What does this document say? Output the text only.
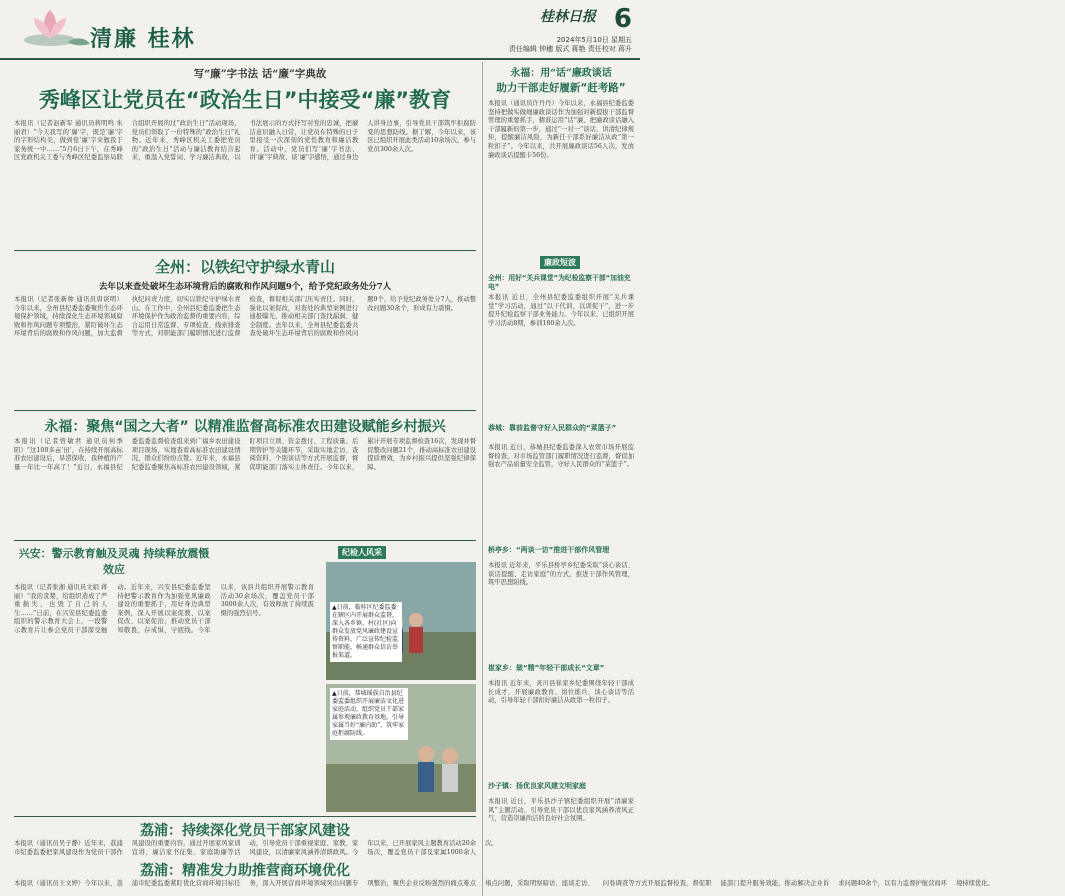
清廉 桂林
桂林日报 6
2024年5月10日 星期五
责任编辑 钟穗 版式 蒋艳 责任校对 蒋升
写“廉”字书法 话“廉”字典故
秀峰区让党员在“政治生日”中接受“廉”教育
本报讯（记者赵新军 通讯员蒋明鸣 朱丽君）“今天我写的‘廉’字，既是‘廉’字的字形结构美，做到党‘廉’字来勉我于家务统一中……”5月6日下午，在秀峰区党政机关工委与秀峰区纪委监察局联合组织开展的过“政治生日”活动现场，党员们领取了一份特殊的“政治生日”礼物。近年来，秀峰区机关工委把党员的“政治生日”活动与廉洁教育结合起来，重温入党誓词、学习廉洁典故，以书法展示的方式抒写对党的忠诚，把廉洁意识融入日常，让党员在特殊的日子里接受一次深刻的党性教育和廉洁教育。活动中，党员们写‘廉’字书法、讲‘廉’字典故、谈‘廉’字感悟，通过身边人讲身边事，引导党员干部筑牢拒腐防变的思想防线。据了解，今年以来，该区已组织开展此类活动10余场次，参与党员300余人次。
全州：以铁纪守护绿水青山
去年以来查处破坏生态环境背后的腐败和作风问题9个，给予党纪政务处分7人
本报讯（记者张新帅 通讯员唐谈明）今年以来，全州县纪委监委聚焦生态环境保护领域，持续深化生态环境领域腐败和作风问题专项整治，紧盯破坏生态环境背后的腐败和作风问题，加大监督执纪问责力度，切实以铁纪守护绿水青山。在工作中，全州县纪委监委把生态环境保护作为政治监督的重要内容，综合运用日常监督、专项检查、线索排查等方式，对职能部门履职情况进行监督检查，督促相关部门压实责任。同时，强化以案促改，对查处的典型案例进行通报曝光，推动相关部门查找漏洞、健全制度。去年以来，全州县纪委监委共查处破坏生态环境背后的腐败和作风问题9个，给予党纪政务处分7人，推动整改问题30余个，形成有力震慑。
永福：聚焦“国之大者” 以精准监督高标准农田建设赋能乡村振兴
本报讯（记者曾敏君 通讯员何季阳）“这100多亩‘田’，在持续开展高标准农田建设后，旱涝保收，我种植的产量一年比一年高了！”近日，永福县纪委监委监督检查组来到广福乡农田建设项目现场，实地查看高标准农田建设情况，群众们纷纷点赞。近年来，永福县纪委监委聚焦高标准农田建设领域，紧盯项目立项、资金拨付、工程质量、后期管护等关键环节，采取实地走访、查阅资料、个别谈话等方式开展监督，督促职能部门落实主体责任。今年以来，累计开展专项监督检查16次，发现并督促整改问题21个，推动高标准农田建设提质增效，为乡村振兴提供坚强纪律保障。
兴安：警示教育触及灵魂 持续释放震慑效应
本报讯（记者张湘 通讯员文娟 蒋丽）“我的贪婪，给组织造成了严重损失，也毁了自己的人生……”日前，在兴安县纪委监委组织的警示教育大会上，一段警示教育片让参会党员干部深受触动。近年来，兴安县纪委监委坚持把警示教育作为加强党风廉政建设的重要抓手，用好身边典型案例，深入开展以案促教、以案促改、以案促治，推动党员干部知敬畏、存戒惧、守底线。今年以来，该县共组织开展警示教育活动30余场次，覆盖党员干部3000余人次，有效释放了持续震慑的强烈信号。
纪检人风采
▲日前，临桂区纪委监委在辖区内开展群众监督，深入各乡镇、村(社区)向群众发放党风廉政建设宣传资料，广泛宣传纪检监察职能，畅通群众信访举报渠道。
▲日前，恭城瑶族自治县纪委监委组织开展廉洁文化进家庭活动，组织党员干部家属参观廉政教育基地，引导家属当好“廉内助”，筑牢家庭拒腐防线。
荔浦：持续深化党员干部家风建设
本报讯（通讯员吴子静）近年来，荔浦市纪委监委把家风建设作为党员干部作风建设的重要内容，通过开展家风家训宣讲、廉洁家书征集、家庭助廉等活动，引导党员干部重视家庭、家教、家风建设，以清廉家风涵养清朗政风。今年以来，已开展家风主题教育活动20余场次，覆盖党员干部及家属1000余人次。
荔浦：精准发力助推营商环境优化
本报讯（通讯员王文婷）今年以来，荔浦市纪委监委紧盯优化营商环境目标任务，深入开展营商环境领域突出问题专项整治，聚焦企业反映强烈的痛点难点堵点问题，采取明察暗访、座谈走访、问卷调查等方式开展监督检查，督促职能部门提升服务效能，推动解决企业诉求问题40余个，以有力监督护航营商环境持续优化。
永福：用“话”廉政谈话
助力干部走好履新“赶考路”
本报讯（通讯员许丹丹）今年以来，永福县纪委监委坚持把做实做细廉政谈话作为加强对新提拔干部监督管理的重要抓手，精准运用“话”廉，把廉政谈话融入干部履新的第一步，通过“一对一”谈话，讲清纪律规矩，提醒廉洁风险，为新任干部系好廉洁从政“第一粒扣子”。今年以来，共开展廉政谈话56人次，发放廉政谈话提醒卡56份。
廉政短波
全州：用好“关兵课堂”为纪检监察干部“加油充电”
本报讯 近日，全州县纪委监委组织开展“关兵课堂”学习活动，通过“以干代训、以训促干”，进一步提升纪检监察干部业务能力。今年以来，已组织开展学习活动8期，参训180余人次。
恭城：靠前监督守好入民群众的“菜篮子”
本报讯 近日，恭城县纪委监委深入农贸市场开展监督检查，对市场监管部门履职情况进行监督，督促加强农产品质量安全监管，守好人民群众的“菜篮子”。
桥亭乡：“两谈一访”推进干部作风管理
本报讯 近年来，平乐县桥亭乡纪委采取“谈心谈话、谈话提醒、走访家庭”的方式，推进干部作风管理，筑牢思想防线。
崔家乡：做“精”年轻干部成长“文章”
本报讯 近年来，灵川县崔家乡纪委围绕年轻干部成长成才，开展廉政教育、岗位练兵、谈心谈话等活动，引导年轻干部扣好廉洁从政第一粒扣子。
沙子镇：扬优良家风建文明家庭
本报讯 近日，平乐县沙子镇纪委组织开展“清廉家风”主题活动，引导党员干部以优良家风涵养清风正气，营造崇廉尚洁的良好社会氛围。
